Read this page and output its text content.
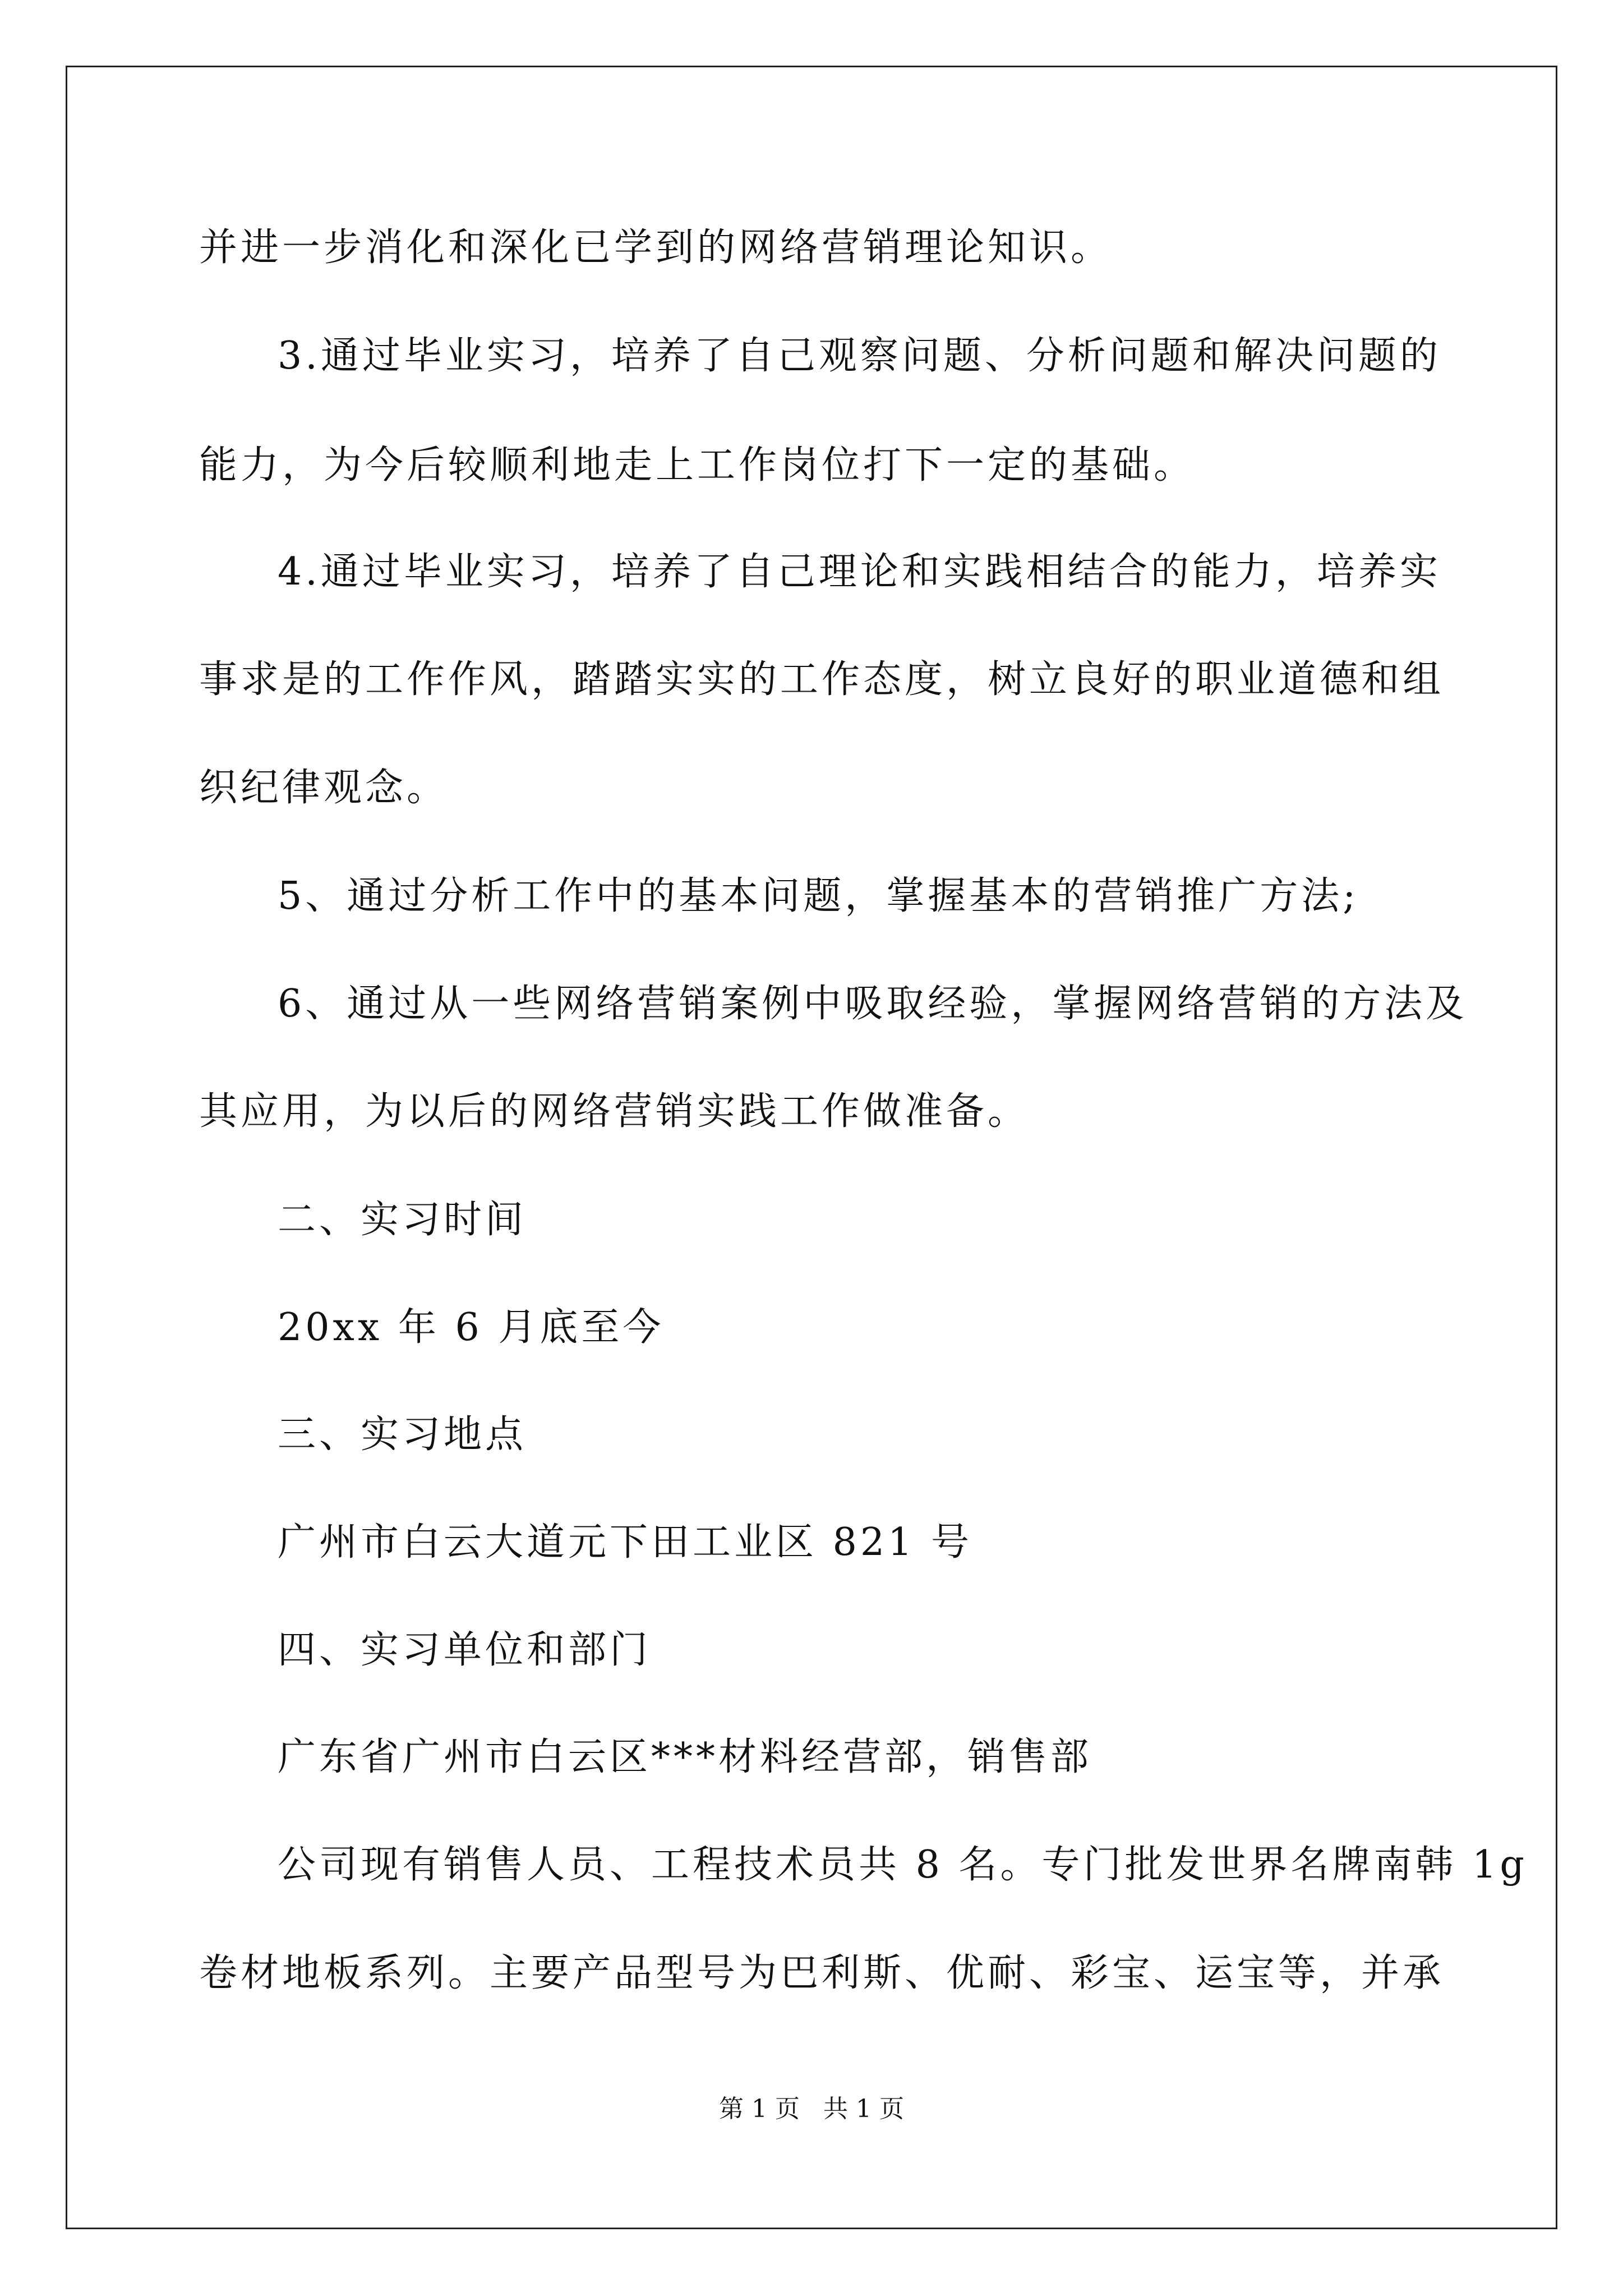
并进一步消化和深化已学到的网络营销理论知识。
3.通过毕业实习，培养了自己观察问题、分析问题和解决问题的
能力，为今后较顺利地走上工作岗位打下一定的基础。
4.通过毕业实习，培养了自己理论和实践相结合的能力，培养实
事求是的工作作风，踏踏实实的工作态度，树立良好的职业道德和组
织纪律观念。
5、通过分析工作中的基本问题，掌握基本的营销推广方法;
6、通过从一些网络营销案例中吸取经验，掌握网络营销的方法及
其应用，为以后的网络营销实践工作做准备。
二、实习时间
20xx 年 6 月底至今
三、实习地点
广州市白云大道元下田工业区 821 号
四、实习单位和部门
广东省广州市白云区***材料经营部，销售部
公司现有销售人员、工程技术员共 8 名。专门批发世界名牌南韩 1g
卷材地板系列。主要产品型号为巴利斯、优耐、彩宝、运宝等，并承
第 1 页   共 1 页
